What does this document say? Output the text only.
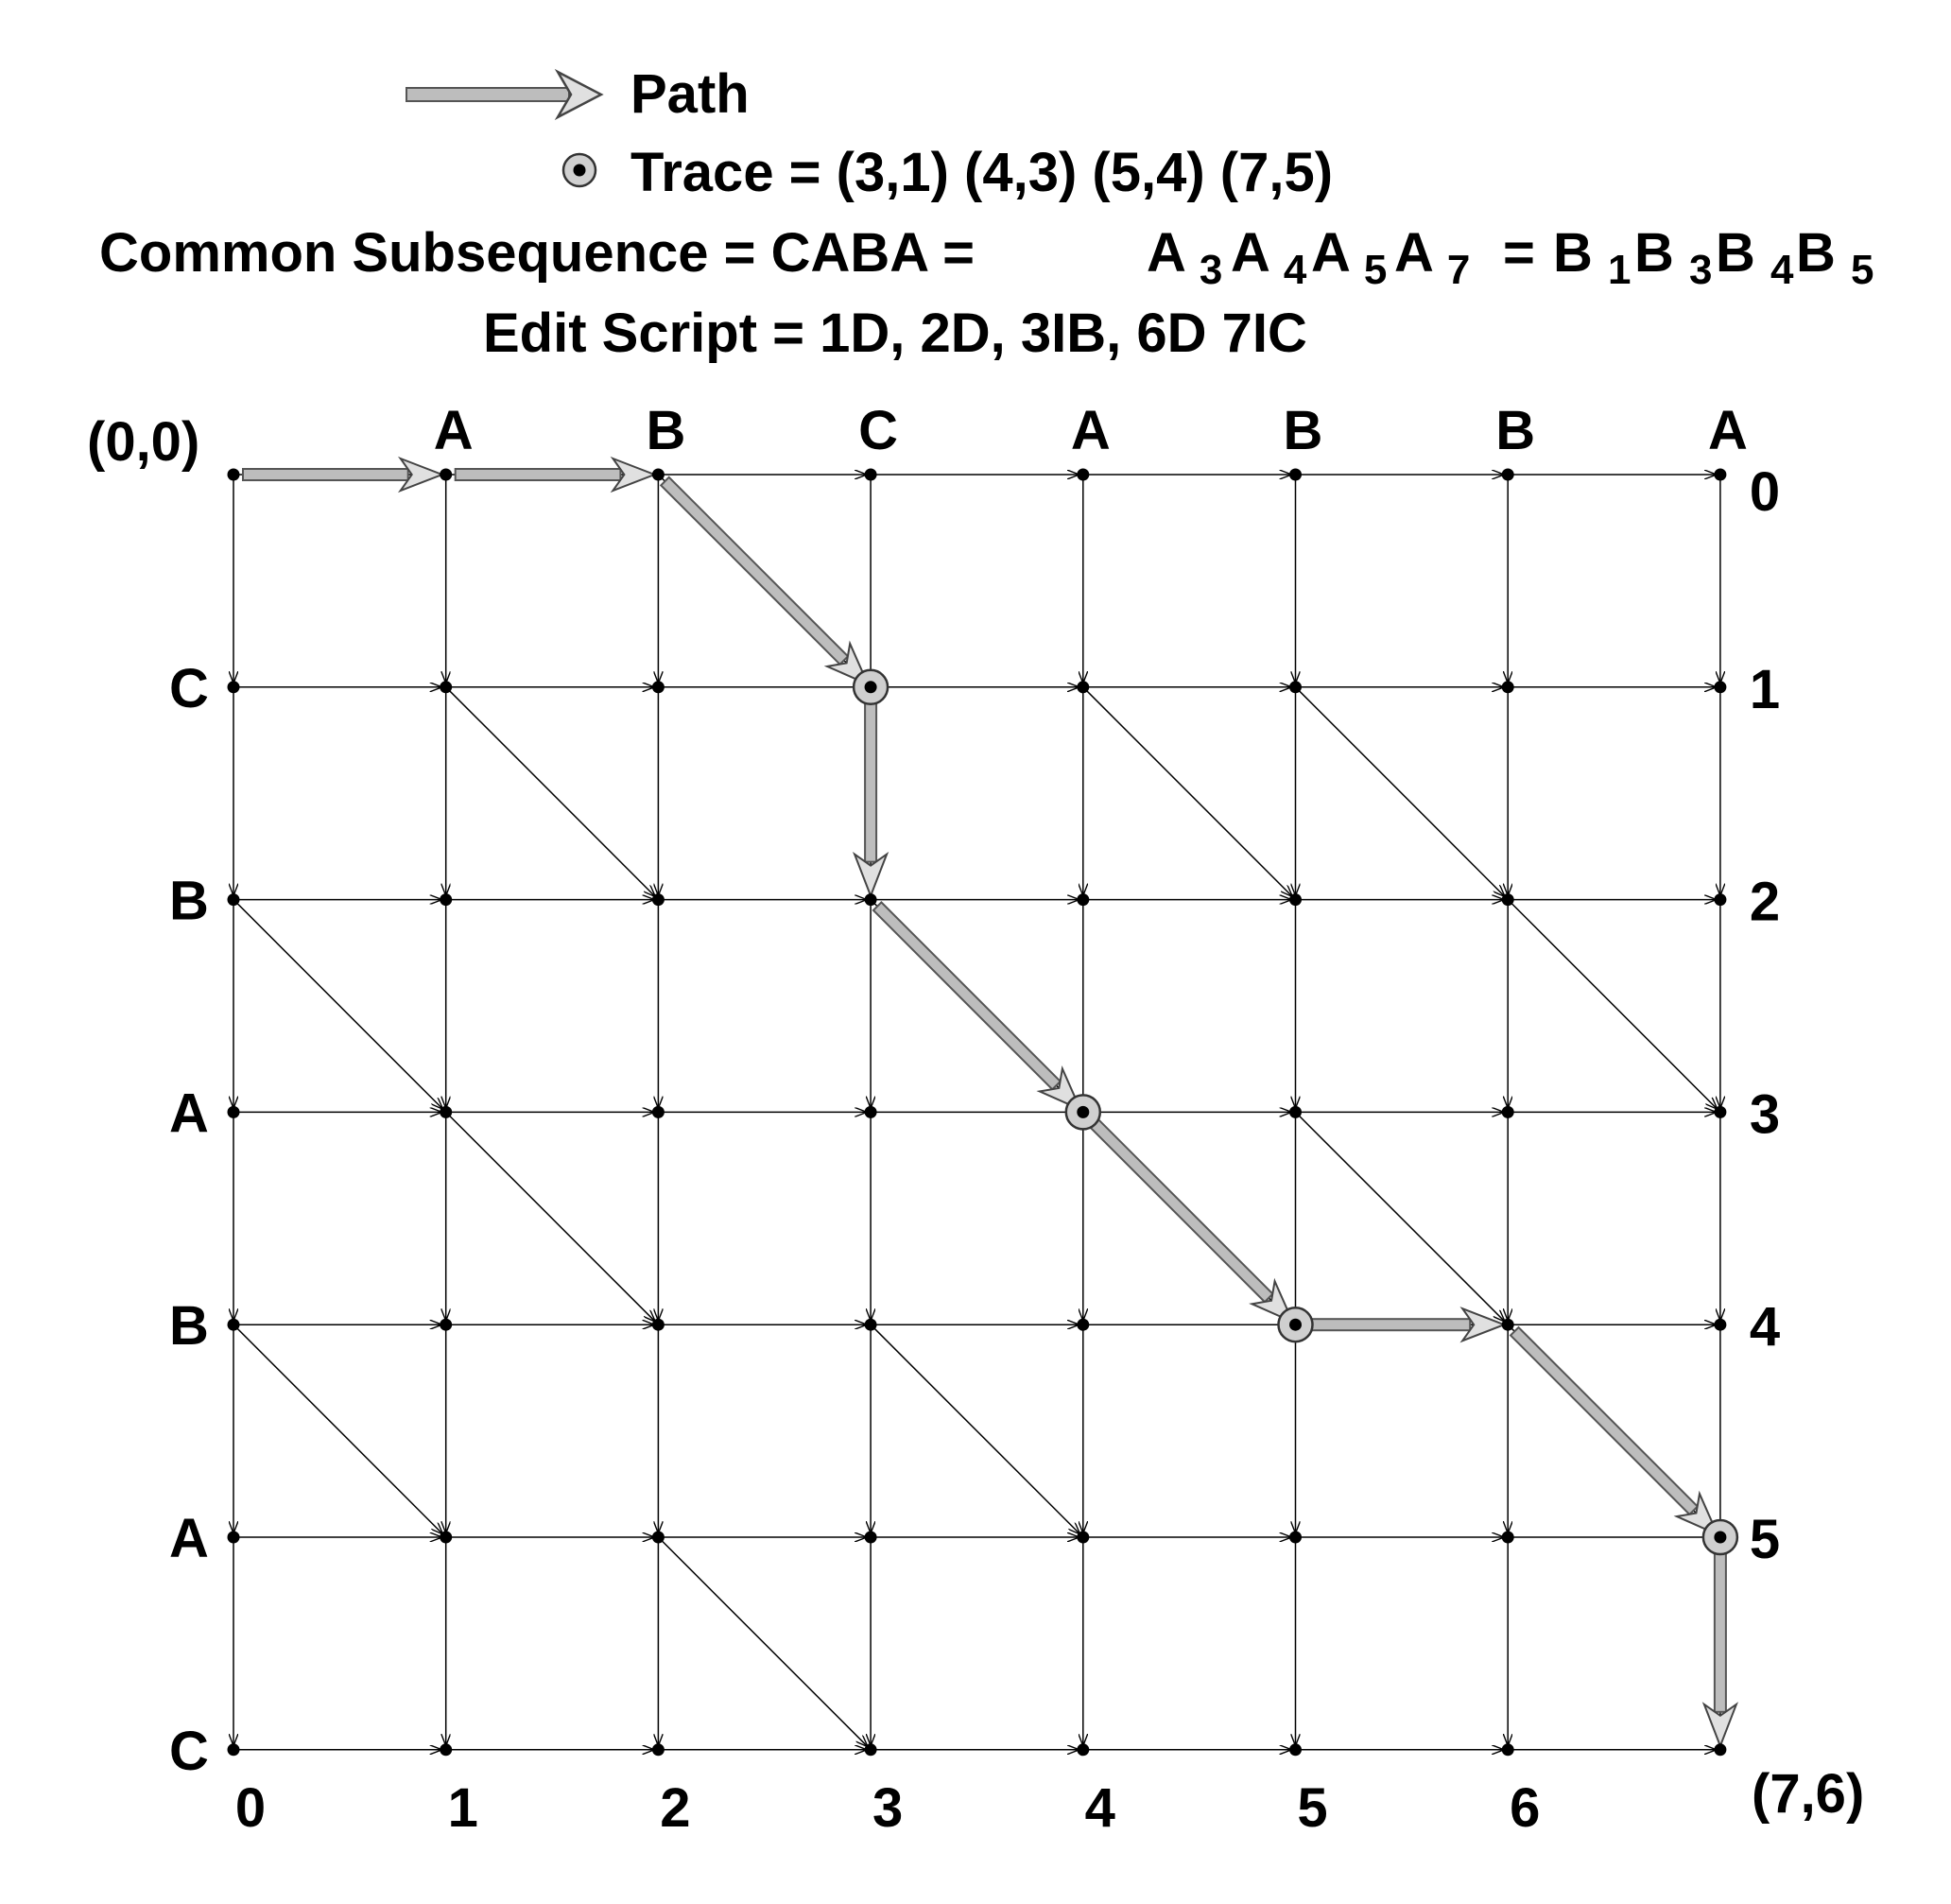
Path
Trace = (3,1) (4,3) (5,4) (7,5)
Common Subsequence = CABA =	A $_3$ A $_4$ A $_5$ A $_7$ = B $_1$ B $_3$ B $_4$ B $_5$
Edit Script = 1D, 2D, 3IB, 6D 7IC
A	B	C	A	B	B	A
C
B
A
B
A
C
0	1	2	3	4	5	6
0
1
2
3
4
5
(0,0)
(7,6)
